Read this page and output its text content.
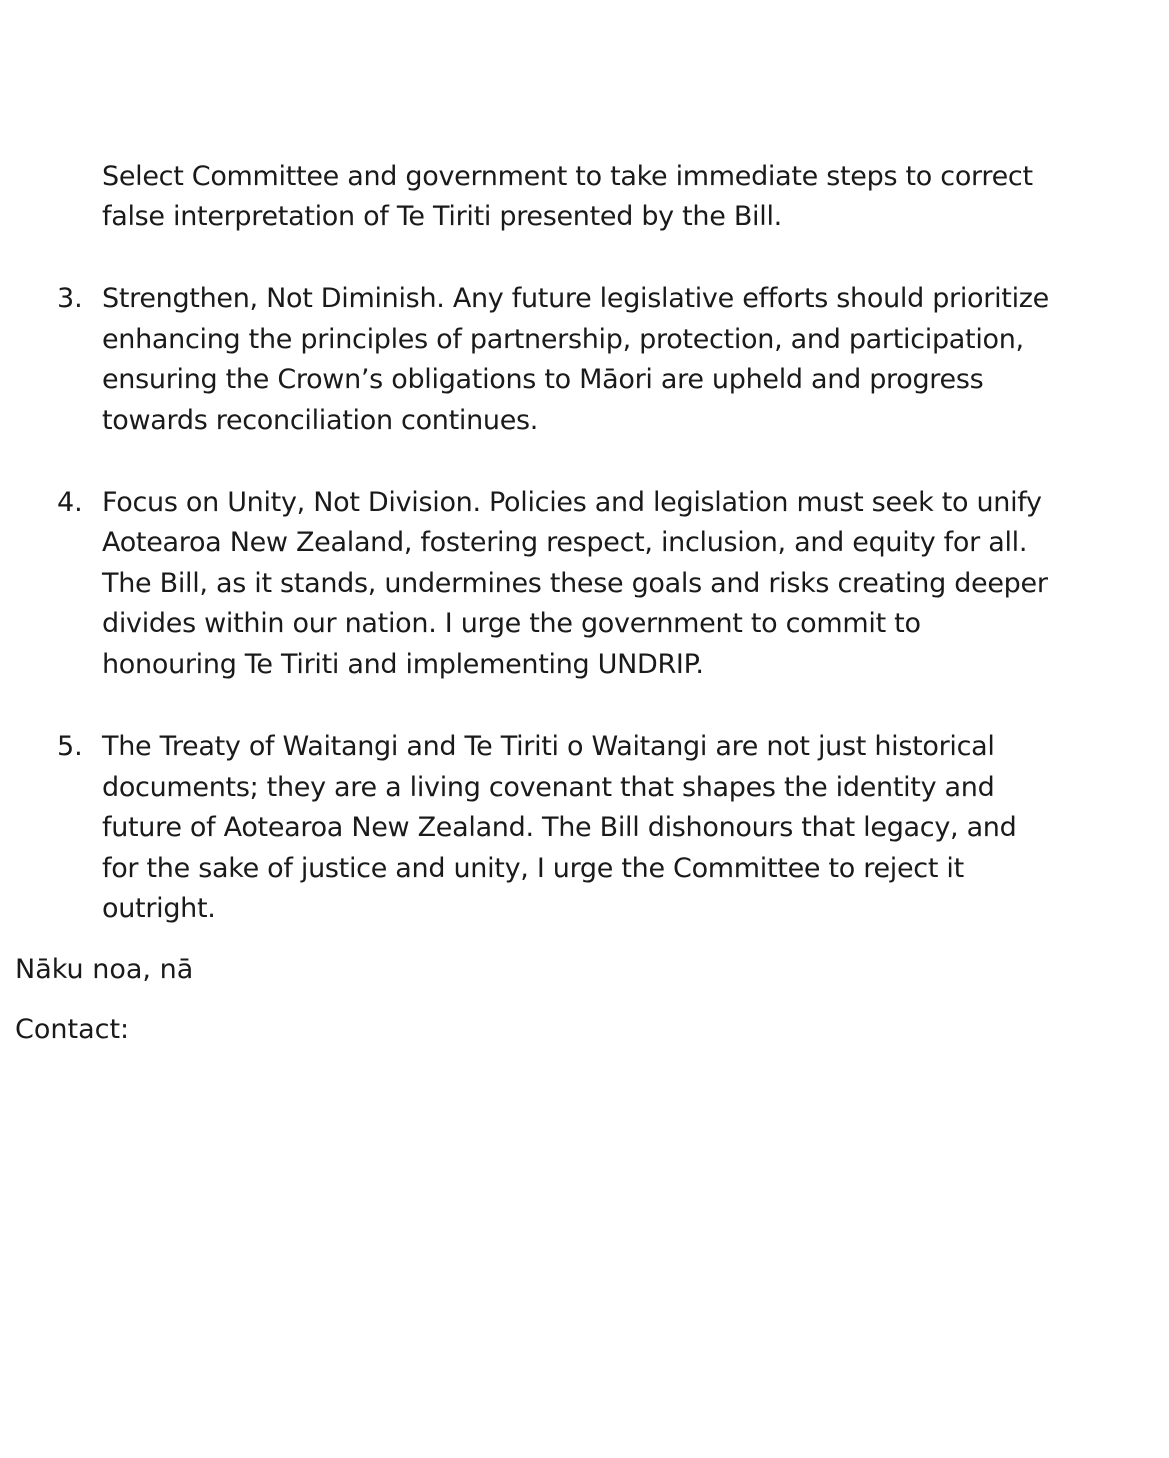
Select Committee and government to take immediate steps to correct
false interpretation of Te Tiriti presented by the Bill.
3. Strengthen, Not Diminish. Any future legislative efforts should prioritize
enhancing the principles of partnership, protection, and participation,
ensuring the Crown’s obligations to Māori are upheld and progress
towards reconciliation continues.
4. Focus on Unity, Not Division. Policies and legislation must seek to unify
Aotearoa New Zealand, fostering respect, inclusion, and equity for all.
The Bill, as it stands, undermines these goals and risks creating deeper
divides within our nation. I urge the government to commit to
honouring Te Tiriti and implementing UNDRIP.
5. The Treaty of Waitangi and Te Tiriti o Waitangi are not just historical
documents; they are a living covenant that shapes the identity and
future of Aotearoa New Zealand. The Bill dishonours that legacy, and
for the sake of justice and unity, I urge the Committee to reject it
outright.
Nāku noa, nā
Contact:
